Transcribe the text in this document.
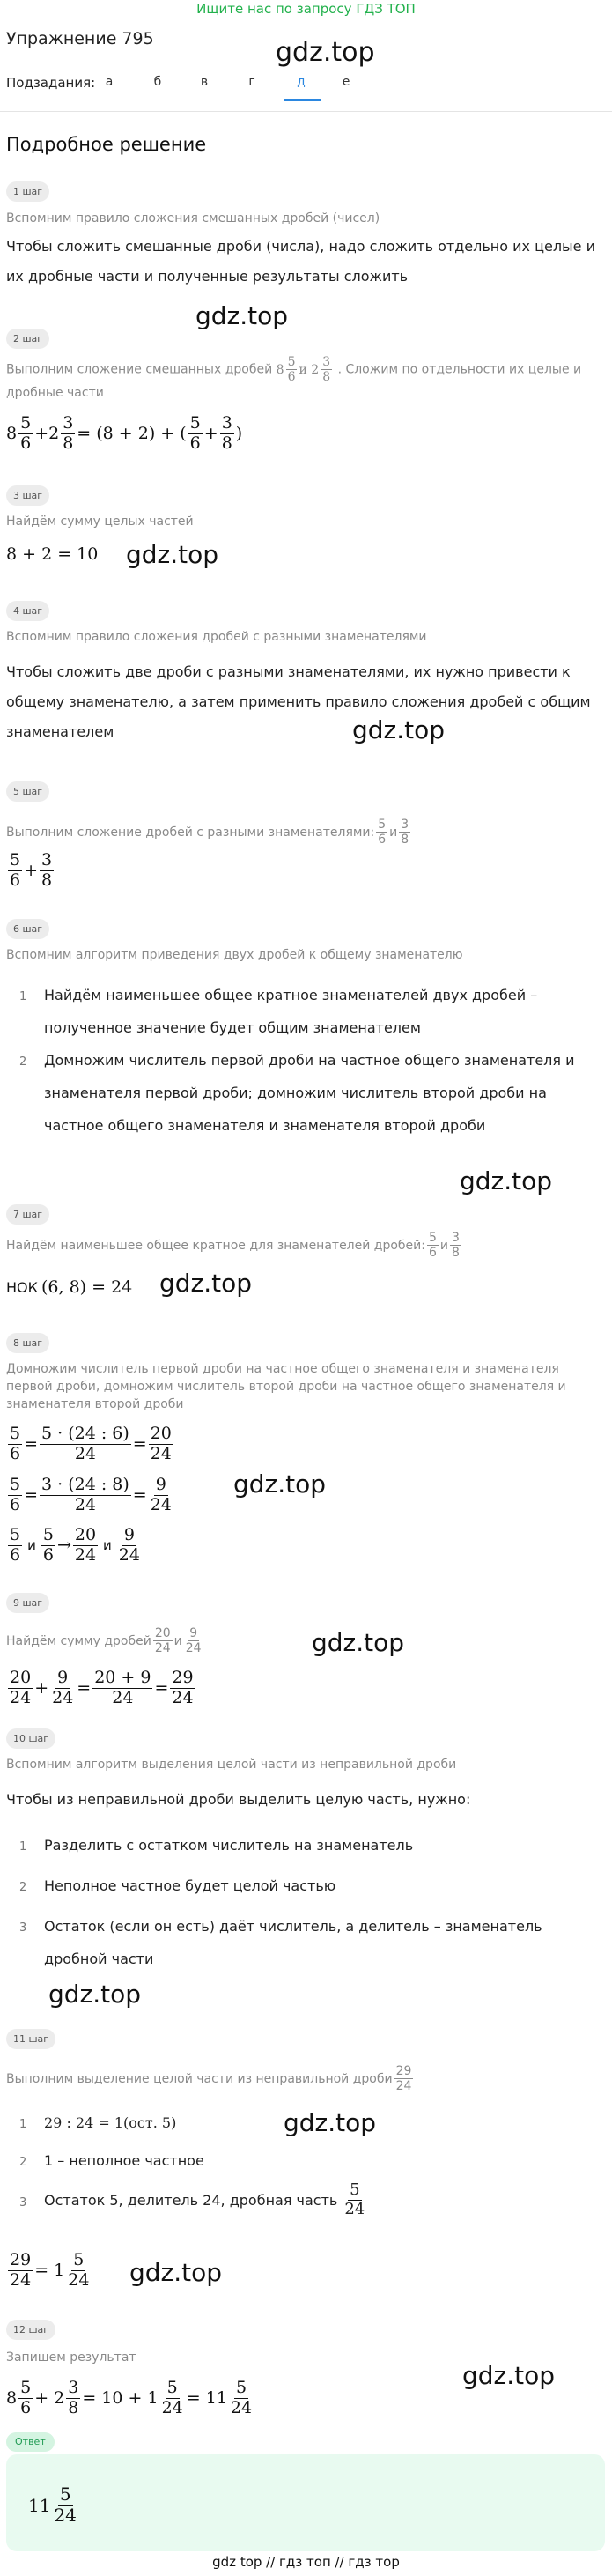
Ищите нас по запросу ГДЗ ТОП
gdz.top
Упражнение 795
Подзадания: а	б	в	г	д	е
Подробное решение
1 шаг
Вспомним правило сложения смешанных дробей (чисел)
Чтобы сложить смешанные дроби (числа), надо сложить отдельно их целые и их дробные части и полученные результаты сложить
gdz.top
2 шаг
Выполним сложение смешанных дробей $8 \frac{5}{6}$ и $2 \frac{3}{8}$ . Сложим по отдельности их целые и дробные части
$8 \frac{5}{6} +2 \frac{3}{8} = (8 + 2)$ + ( $\frac{5}{6} + \frac{3}{8}$ )
3 шаг
Найдём сумму целых частей
8 + 2 = 10 gdz.top
4 шаг
Вспомним правило сложения дробей с разными знаменателями
Чтобы сложить две дроби с разными знаменателями, их нужно привести к общему знаменателю, а затем применить правило сложения дробей с общим знаменателем	gdz.top
5 шаг
Выполним сложение дробей с разными знаменателями: $\frac{5}{6}$ и $\frac{3}{8}$
$\frac{5}{6} + \frac{3}{8}$
6 шаг
Вспомним алгоритм приведения двух дробей к общему знаменателю
1 Найдём наименьшее общее кратное знаменателей двух дробей – полученное значение будет общим знаменателем
2 Домножим числитель первой дроби на частное общего знаменателя и знаменателя первой дроби; домножим числитель второй дроби на частное общего знаменателя и знаменателя второй дроби
gdz.top
7 шаг
Найдём наименьшее общее кратное для знаменателей дробей: $\frac{5}{6}$ и $\frac{3}{8}$
НОК (6, 8) = 24 gdz.top
8 шаг
Домножим числитель первой дроби на частное общего знаменателя и знаменателя первой дроби, домножим числитель второй дроби на частное общего знаменателя и знаменателя второй дроби
$\frac{5}{6} = \frac{5 \cdot (24 : 6)}{24} = \frac{20}{24}$
$\frac{5}{6} = \frac{3 \cdot (24 : 8)}{24} = \frac{9}{24}$
$\frac{5}{6}$ и $\frac{5}{6} \to \frac{20}{24}$ и $\frac{9}{24}$
gdz.top
9 шаг
Найдём сумму дробей $\frac{20}{24}$ и $\frac{9}{24}$
$\frac{20}{24} + \frac{9}{24} = \frac{20 + 9}{24} = \frac{29}{24}$
gdz.top
10 шаг
Вспомним алгоритм выделения целой части из неправильной дроби
Чтобы из неправильной дроби выделить целую часть, нужно:
1 Разделить с остатком числитель на знаменатель
2 Неполное частное будет целой частью
3 Остаток (если он есть) даёт числитель, а делитель – знаменатель дробной части
gdz.top
11 шаг
Выполним выделение целой части из неправильной дроби $\frac{29}{24}$
1 29 : 24 = 1(ост. 5)
2 1 – неполное частное
3 Остаток 5, делитель 24, дробная часть $\frac{5}{24}$
gdz.top
$\frac{29}{24} = 1 \frac{5}{24} gdz.top$
12 шаг
Запишем результат
$8 \frac{5}{6} + 2 \frac{3}{8} = 10 + 1 \frac{5}{24} = 11 \frac{5}{24}$
gdz.top
Ответ
$11 \frac{5}{24}$
gdz top // гдз топ // гдз тор
